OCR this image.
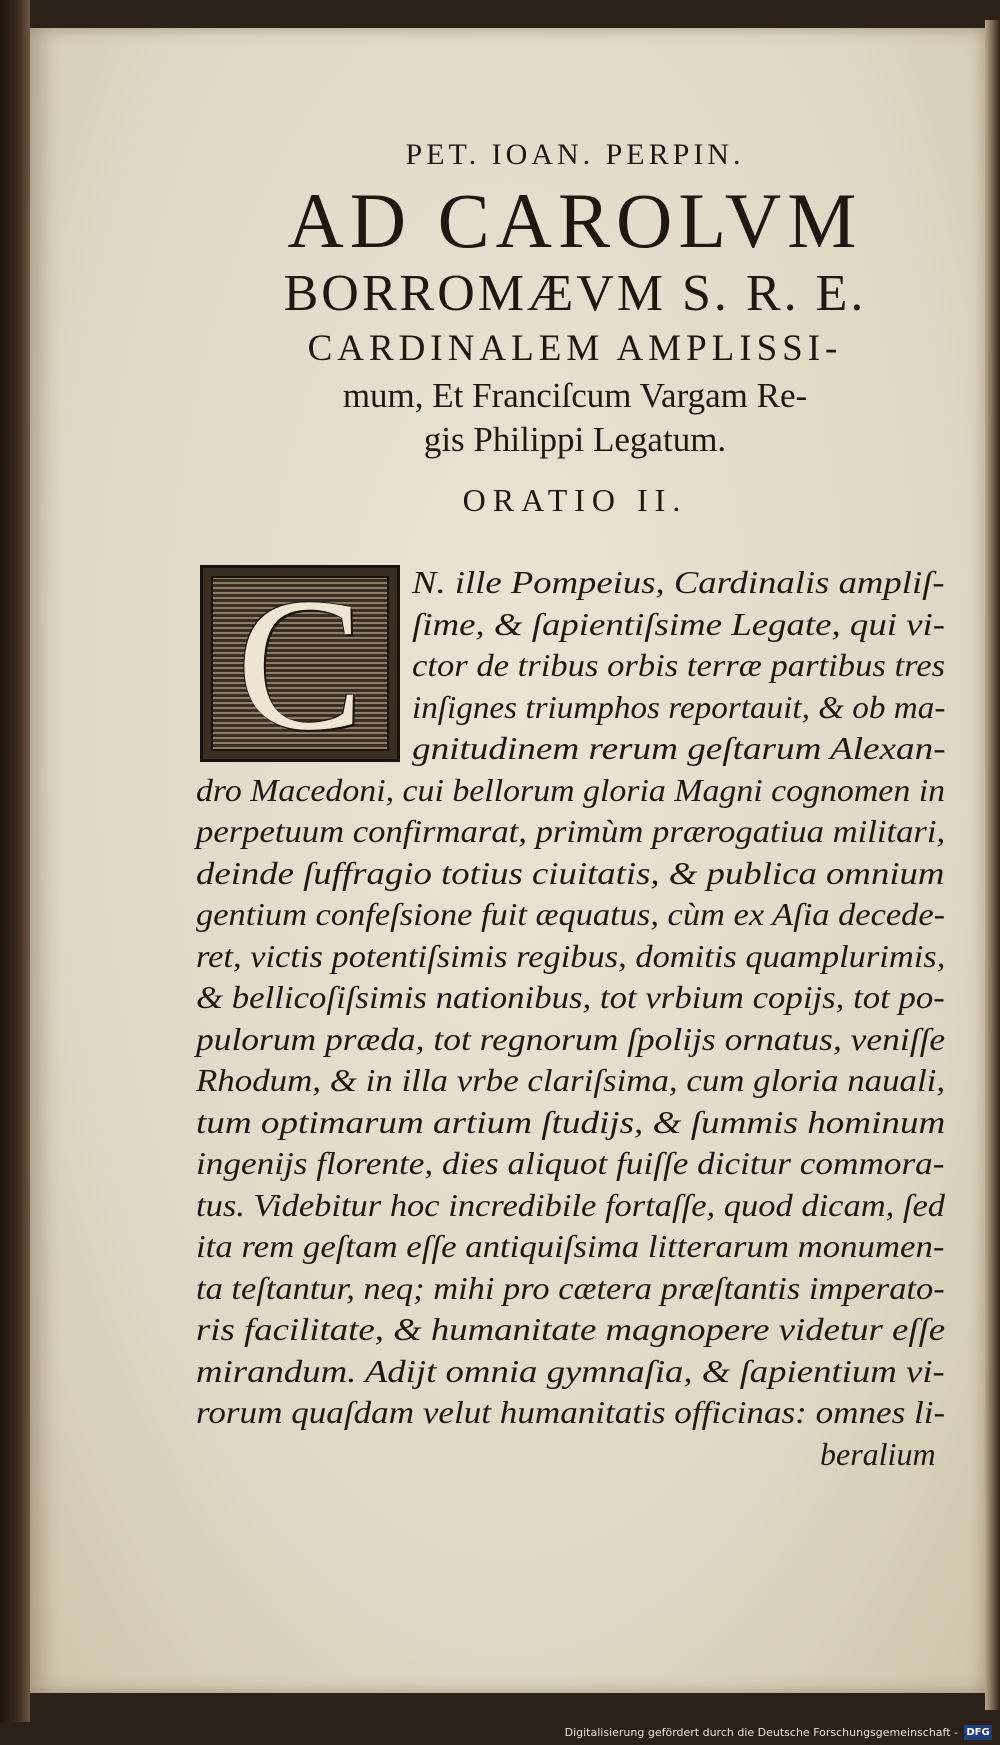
PET. IOAN. PERPIN.
AD CAROLVM
BORROMÆVM S. R. E.
CARDINALEM AMPLISSI-
mum, Et Franciſcum Vargam Re-
gis Philippi Legatum.
ORATIO II.
C	N. ille Pompeius, Cardinalis ampliſ-
ſime, & ſapientiſsime Legate, qui vi-
ctor de tribus orbis terræ partibus tres
inſignes triumphos reportauit, & ob ma-
gnitudinem rerum geſtarum Alexan-
dro Macedoni, cui bellorum gloria Magni cognomen in
perpetuum confirmarat, primùm prærogatiua militari,
deinde ſuffragio totius ciuitatis, & publica omnium
gentium confeſsione fuit æquatus, cùm ex Aſia decede-
ret, victis potentiſsimis regibus, domitis quamplurimis,
& bellicoſiſsimis nationibus, tot vrbium copijs, tot po-
pulorum præda, tot regnorum ſpolijs ornatus, veniſſe
Rhodum, & in illa vrbe clariſsima, cum gloria nauali,
tum optimarum artium ſtudijs, & ſummis hominum
ingenijs florente, dies aliquot fuiſſe dicitur commora-
tus. Videbitur hoc incredibile fortaſſe, quod dicam, ſed
ita rem geſtam eſſe antiquiſsima litterarum monumen-
ta teſtantur, neq; mihi pro cætera præſtantis imperato-
ris facilitate, & humanitate magnopere videtur eſſe
mirandum. Adijt omnia gymnaſia, & ſapientium vi-
rorum quaſdam velut humanitatis officinas: omnes li-
beralium
Digitalisierung gefördert durch die Deutsche Forschungsgemeinschaft - DFG
